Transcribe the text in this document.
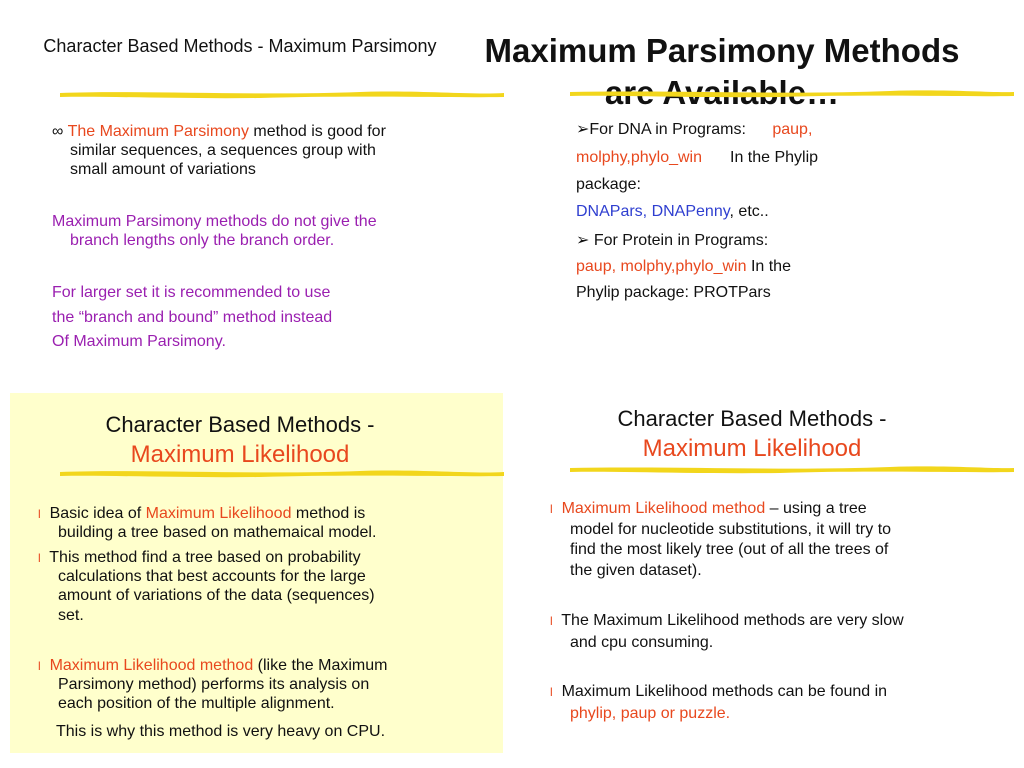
Character Based Methods - Maximum Parsimony
∞ The Maximum Parsimony method is good for
similar sequences, a sequences group with
small amount of variations
Maximum Parsimony methods do not give the
branch lengths only the branch order.
For larger set it is recommended to use
the “branch and bound” method instead
Of Maximum Parsimony.
Maximum Parsimony Methods

➢For DNA in Programs: paup,
molphy,phylo_win In the Phylip
package:
DNAPars, DNAPenny, etc..
➢ For Protein in Programs:
paup, molphy,phylo_win In the
Phylip package: PROTPars
Character Based Methods -
Maximum Likelihood
l Basic idea of Maximum Likelihood method is
building a tree based on mathemaical model.
l This method find a tree based on probability
calculations that best accounts for the large
amount of variations of the data (sequences)
set.
l Maximum Likelihood method (like the Maximum
Parsimony method) performs its analysis on
each position of the multiple alignment.
This is why this method is very heavy on CPU.
Character Based Methods -
Maximum Likelihood
l Maximum Likelihood method – using a tree
model for nucleotide substitutions, it will try to
find the most likely tree (out of all the trees of
the given dataset).
l The Maximum Likelihood methods are very slow
and cpu consuming.
l Maximum Likelihood methods can be found in
phylip, paup or puzzle.
